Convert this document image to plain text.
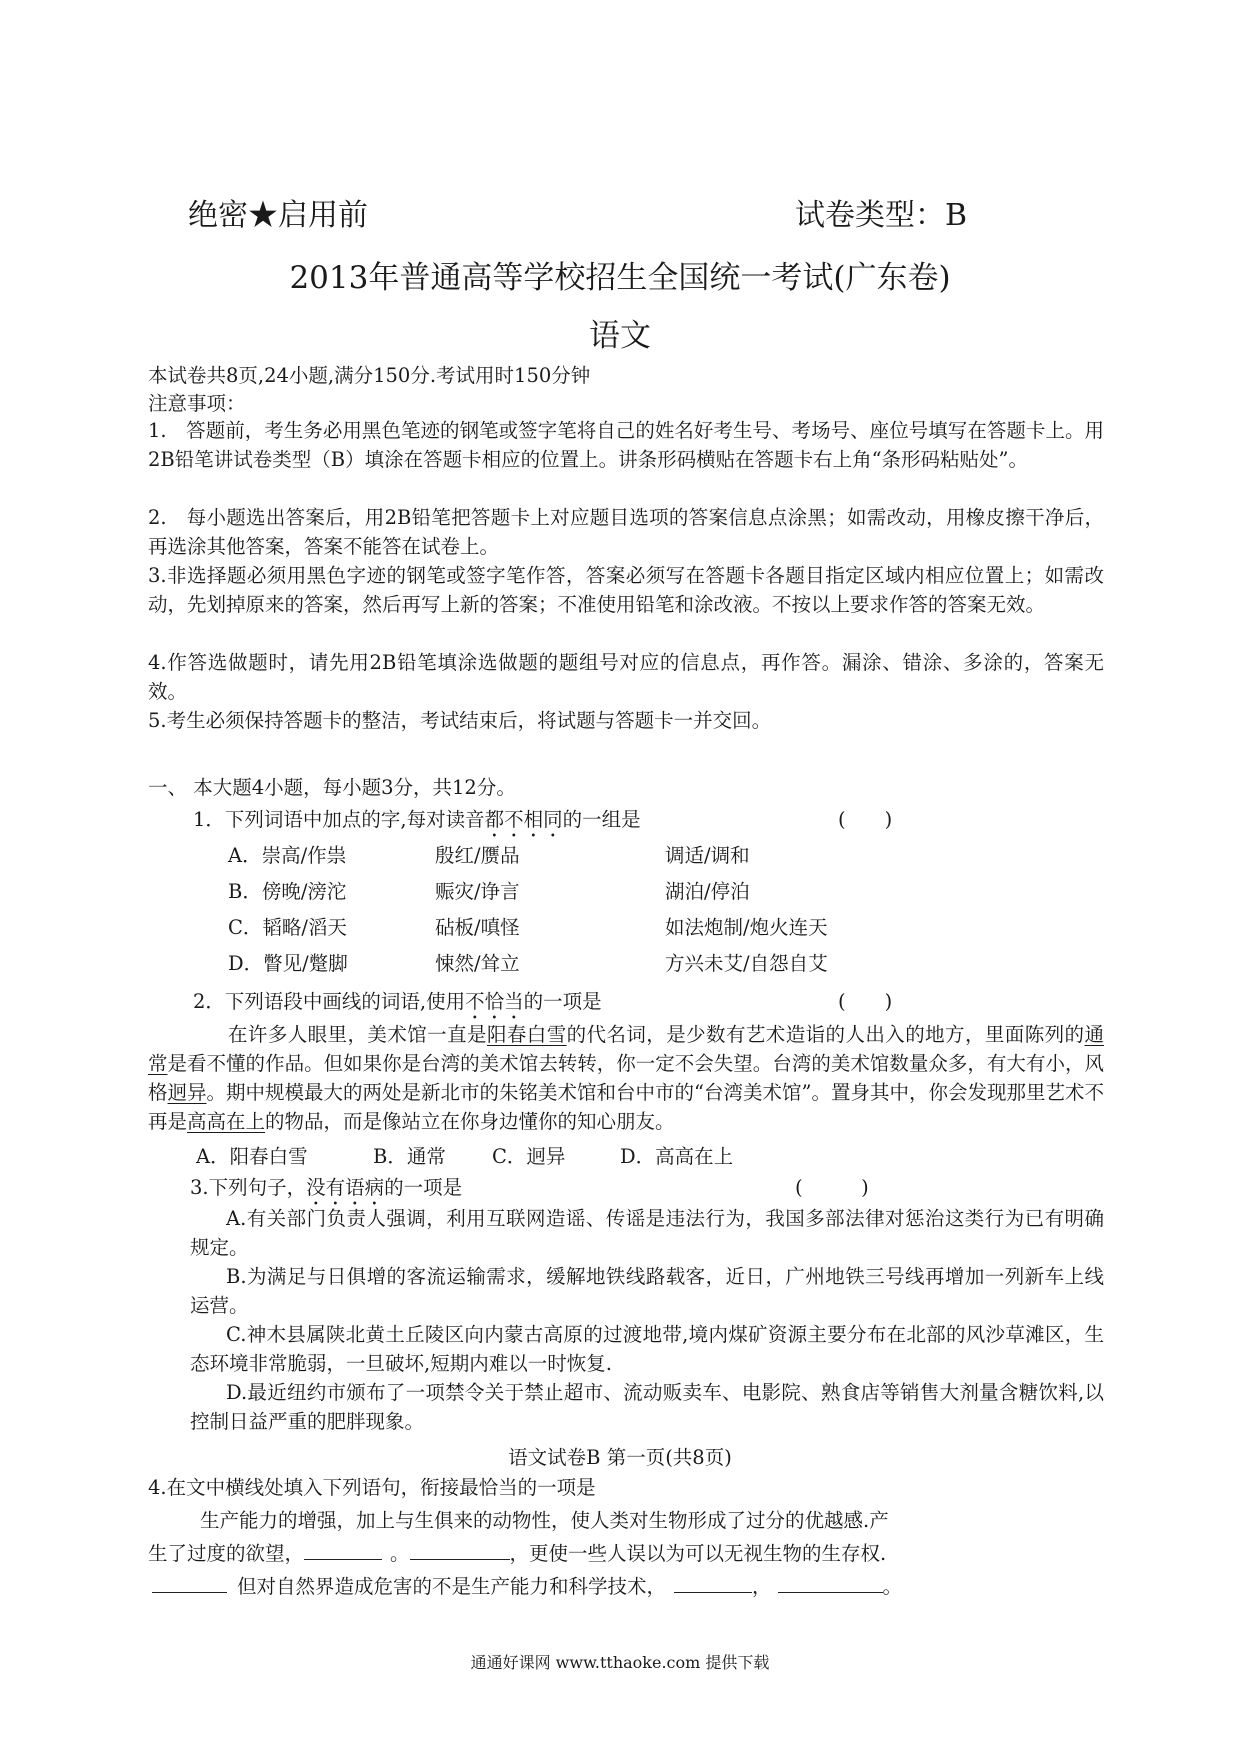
绝密★启用前	试卷类型：B
2013年普通高等学校招生全国统一考试(广东卷)
语文
本试卷共8页,24小题,满分150分.考试用时150分钟
注意事项：
1.　答题前，考生务必用黑色笔迹的钢笔或签字笔将自己的姓名好考生号、考场号、座位号填写在答题卡上。用2B铅笔讲试卷类型（B）填涂在答题卡相应的位置上。讲条形码横贴在答题卡右上角“条形码粘贴处”。
2.　每小题选出答案后，用2B铅笔把答题卡上对应题目选项的答案信息点涂黑；如需改动，用橡皮擦干净后，再选涂其他答案，答案不能答在试卷上。
3.非选择题必须用黑色字迹的钢笔或签字笔作答，答案必须写在答题卡各题目指定区域内相应位置上；如需改动，先划掉原来的答案，然后再写上新的答案；不准使用铅笔和涂改液。不按以上要求作答的答案无效。
4.作答选做题时，请先用2B铅笔填涂选做题的题组号对应的信息点，再作答。漏涂、错涂、多涂的，答案无效。
5.考生必须保持答题卡的整洁，考试结束后，将试题与答题卡一并交回。
一、 本大题4小题，每小题3分，共12分。
1．下列词语中加点的字,每对读音都不相同的一组是	(　　)
A．崇高/作祟	殷红/赝品	调适/调和
B．傍晚/滂沱	赈灾/诤言	湖泊/停泊
C．韬略/滔天	砧板/嗔怪	如法炮制/炮火连天
D．瞥见/蹩脚	悚然/耸立	方兴未艾/自怨自艾
2．下列语段中画线的词语,使用不恰当的一项是	(　　)
在许多人眼里，美术馆一直是阳春白雪的代名词，是少数有艺术造诣的人出入的地方，里面陈列的通常是看不懂的作品。但如果你是台湾的美术馆去转转，你一定不会失望。台湾的美术馆数量众多，有大有小，风格迥异。期中规模最大的两处是新北市的朱铭美术馆和台中市的“台湾美术馆”。置身其中，你会发现那里艺术不再是高高在上的物品，而是像站立在你身边懂你的知心朋友。
A．阳春白雪	B．通常 C．迥异	D．高高在上
3.下列句子，没有语病的一项是	(　　　)
A.有关部门负责人强调，利用互联网造谣、传谣是违法行为，我国多部法律对惩治这类行为已有明确规定。
B.为满足与日俱增的客流运输需求，缓解地铁线路载客，近日，广州地铁三号线再增加一列新车上线运营。
C.神木县属陕北黄土丘陵区向内蒙古高原的过渡地带,境内煤矿资源主要分布在北部的风沙草滩区，生态环境非常脆弱，一旦破坏,短期内难以一时恢复.
D.最近纽约市颁布了一项禁令关于禁止超市、流动贩卖车、电影院、熟食店等销售大剂量含糖饮料,以控制日益严重的肥胖现象。
语文试卷B 第一页(共8页)
4.在文中横线处填入下列语句，衔接最恰当的一项是
生产能力的增强，加上与生俱来的动物性，使人类对生物形成了过分的优越感.产
生了过度的欲望，	。	，更使一些人误以为可以无视生物的生存权.
但对自然界造成危害的不是生产能力和科学技术，	，	。
通通好课网 www.tthaoke.com 提供下载
